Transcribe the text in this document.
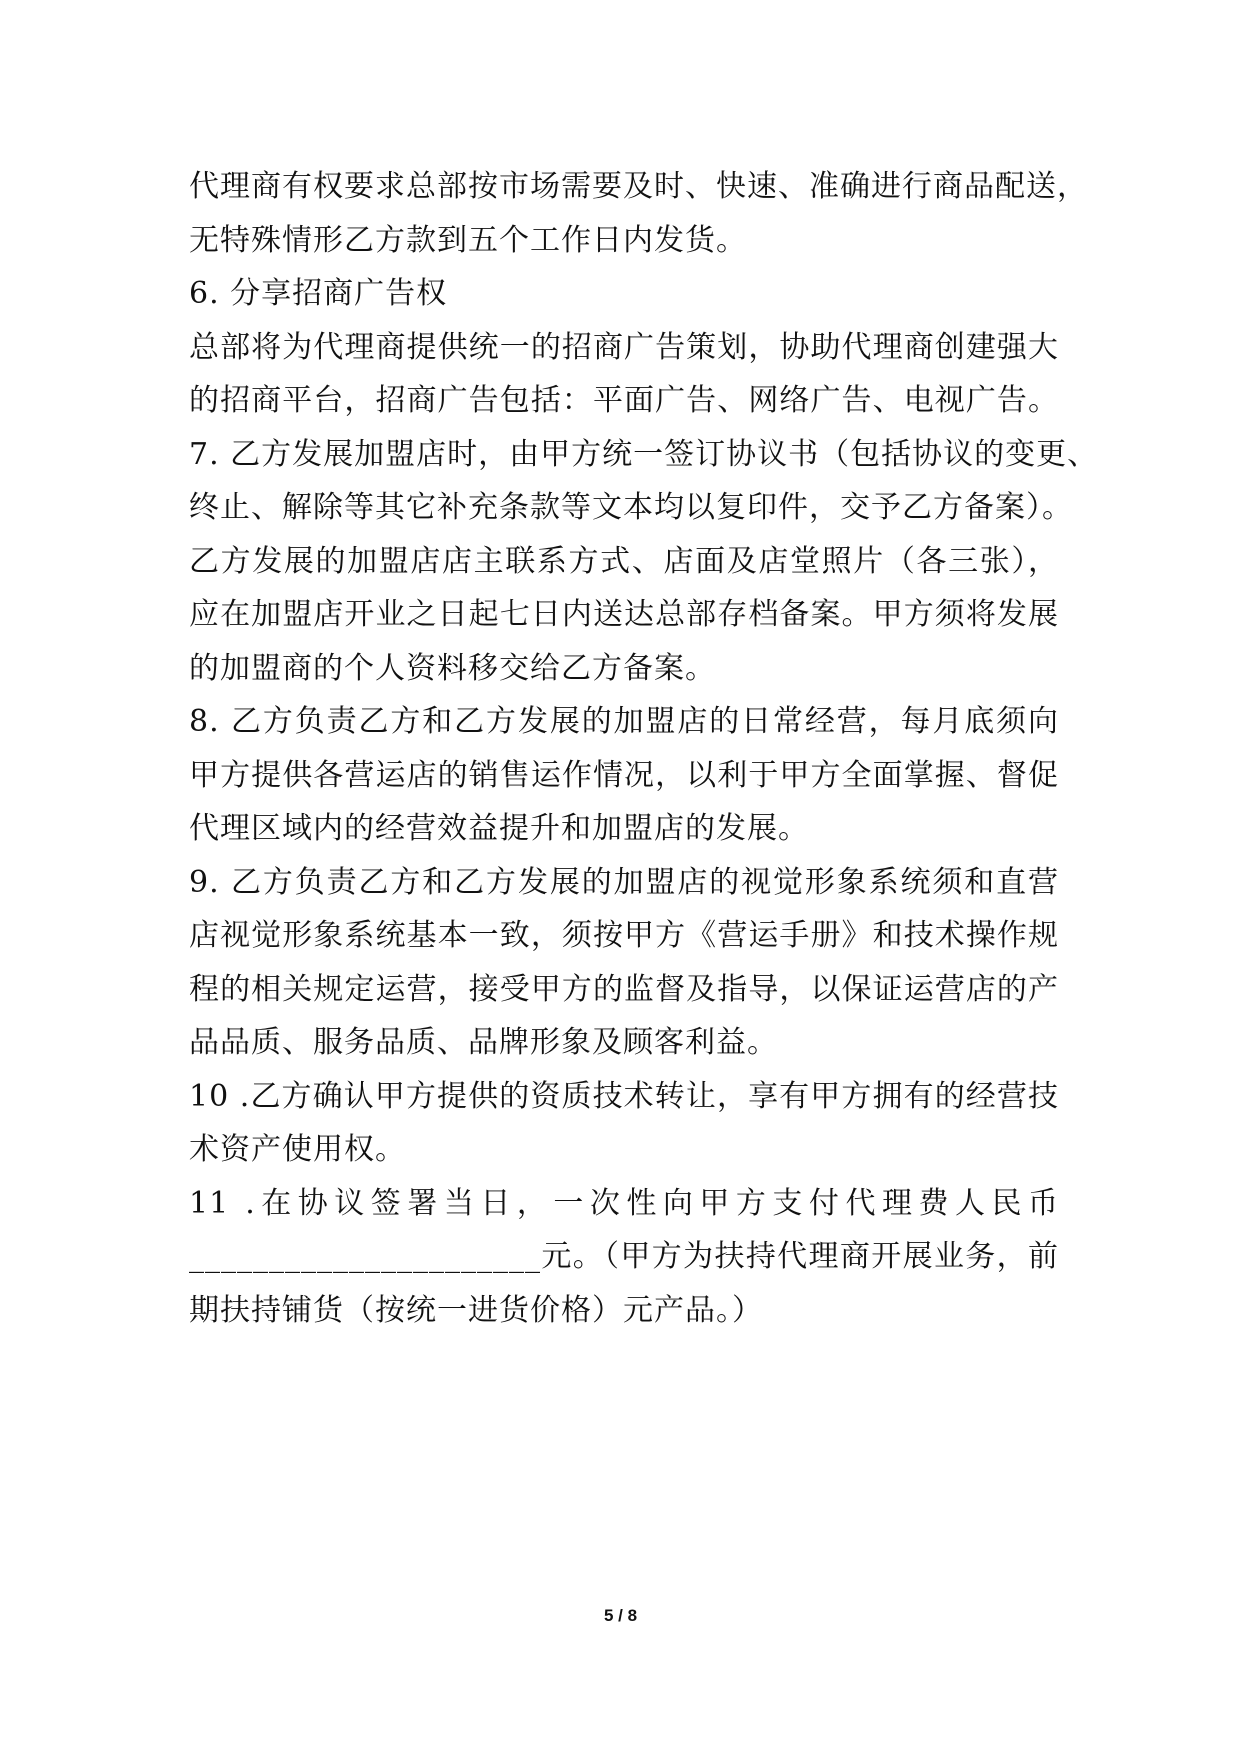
代理商有权要求总部按市场需要及时、快速、准确进行商品配送，
无特殊情形乙方款到五个工作日内发货。
6. 分享招商广告权
总部将为代理商提供统一的招商广告策划，协助代理商创建强大
的招商平台，招商广告包括：平面广告、网络广告、电视广告。
7. 乙方发展加盟店时，由甲方统一签订协议书（包括协议的变更、
终止、解除等其它补充条款等文本均以复印件，交予乙方备案）。
乙方发展的加盟店店主联系方式、店面及店堂照片（各三张），
应在加盟店开业之日起七日内送达总部存档备案。甲方须将发展
的加盟商的个人资料移交给乙方备案。
8. 乙方负责乙方和乙方发展的加盟店的日常经营，每月底须向
甲方提供各营运店的销售运作情况，以利于甲方全面掌握、督促
代理区域内的经营效益提升和加盟店的发展。
9. 乙方负责乙方和乙方发展的加盟店的视觉形象系统须和直营
店视觉形象系统基本一致，须按甲方《营运手册》和技术操作规
程的相关规定运营，接受甲方的监督及指导，以保证运营店的产
品品质、服务品质、品牌形象及顾客利益。
10 .乙方确认甲方提供的资质技术转让，享有甲方拥有的经营技
术资产使用权。
11 .在协议签署当日，一次性向甲方支付代理费人民币
______________________元。（甲方为扶持代理商开展业务，前
期扶持铺货（按统一进货价格）元产品。）
5 / 8
